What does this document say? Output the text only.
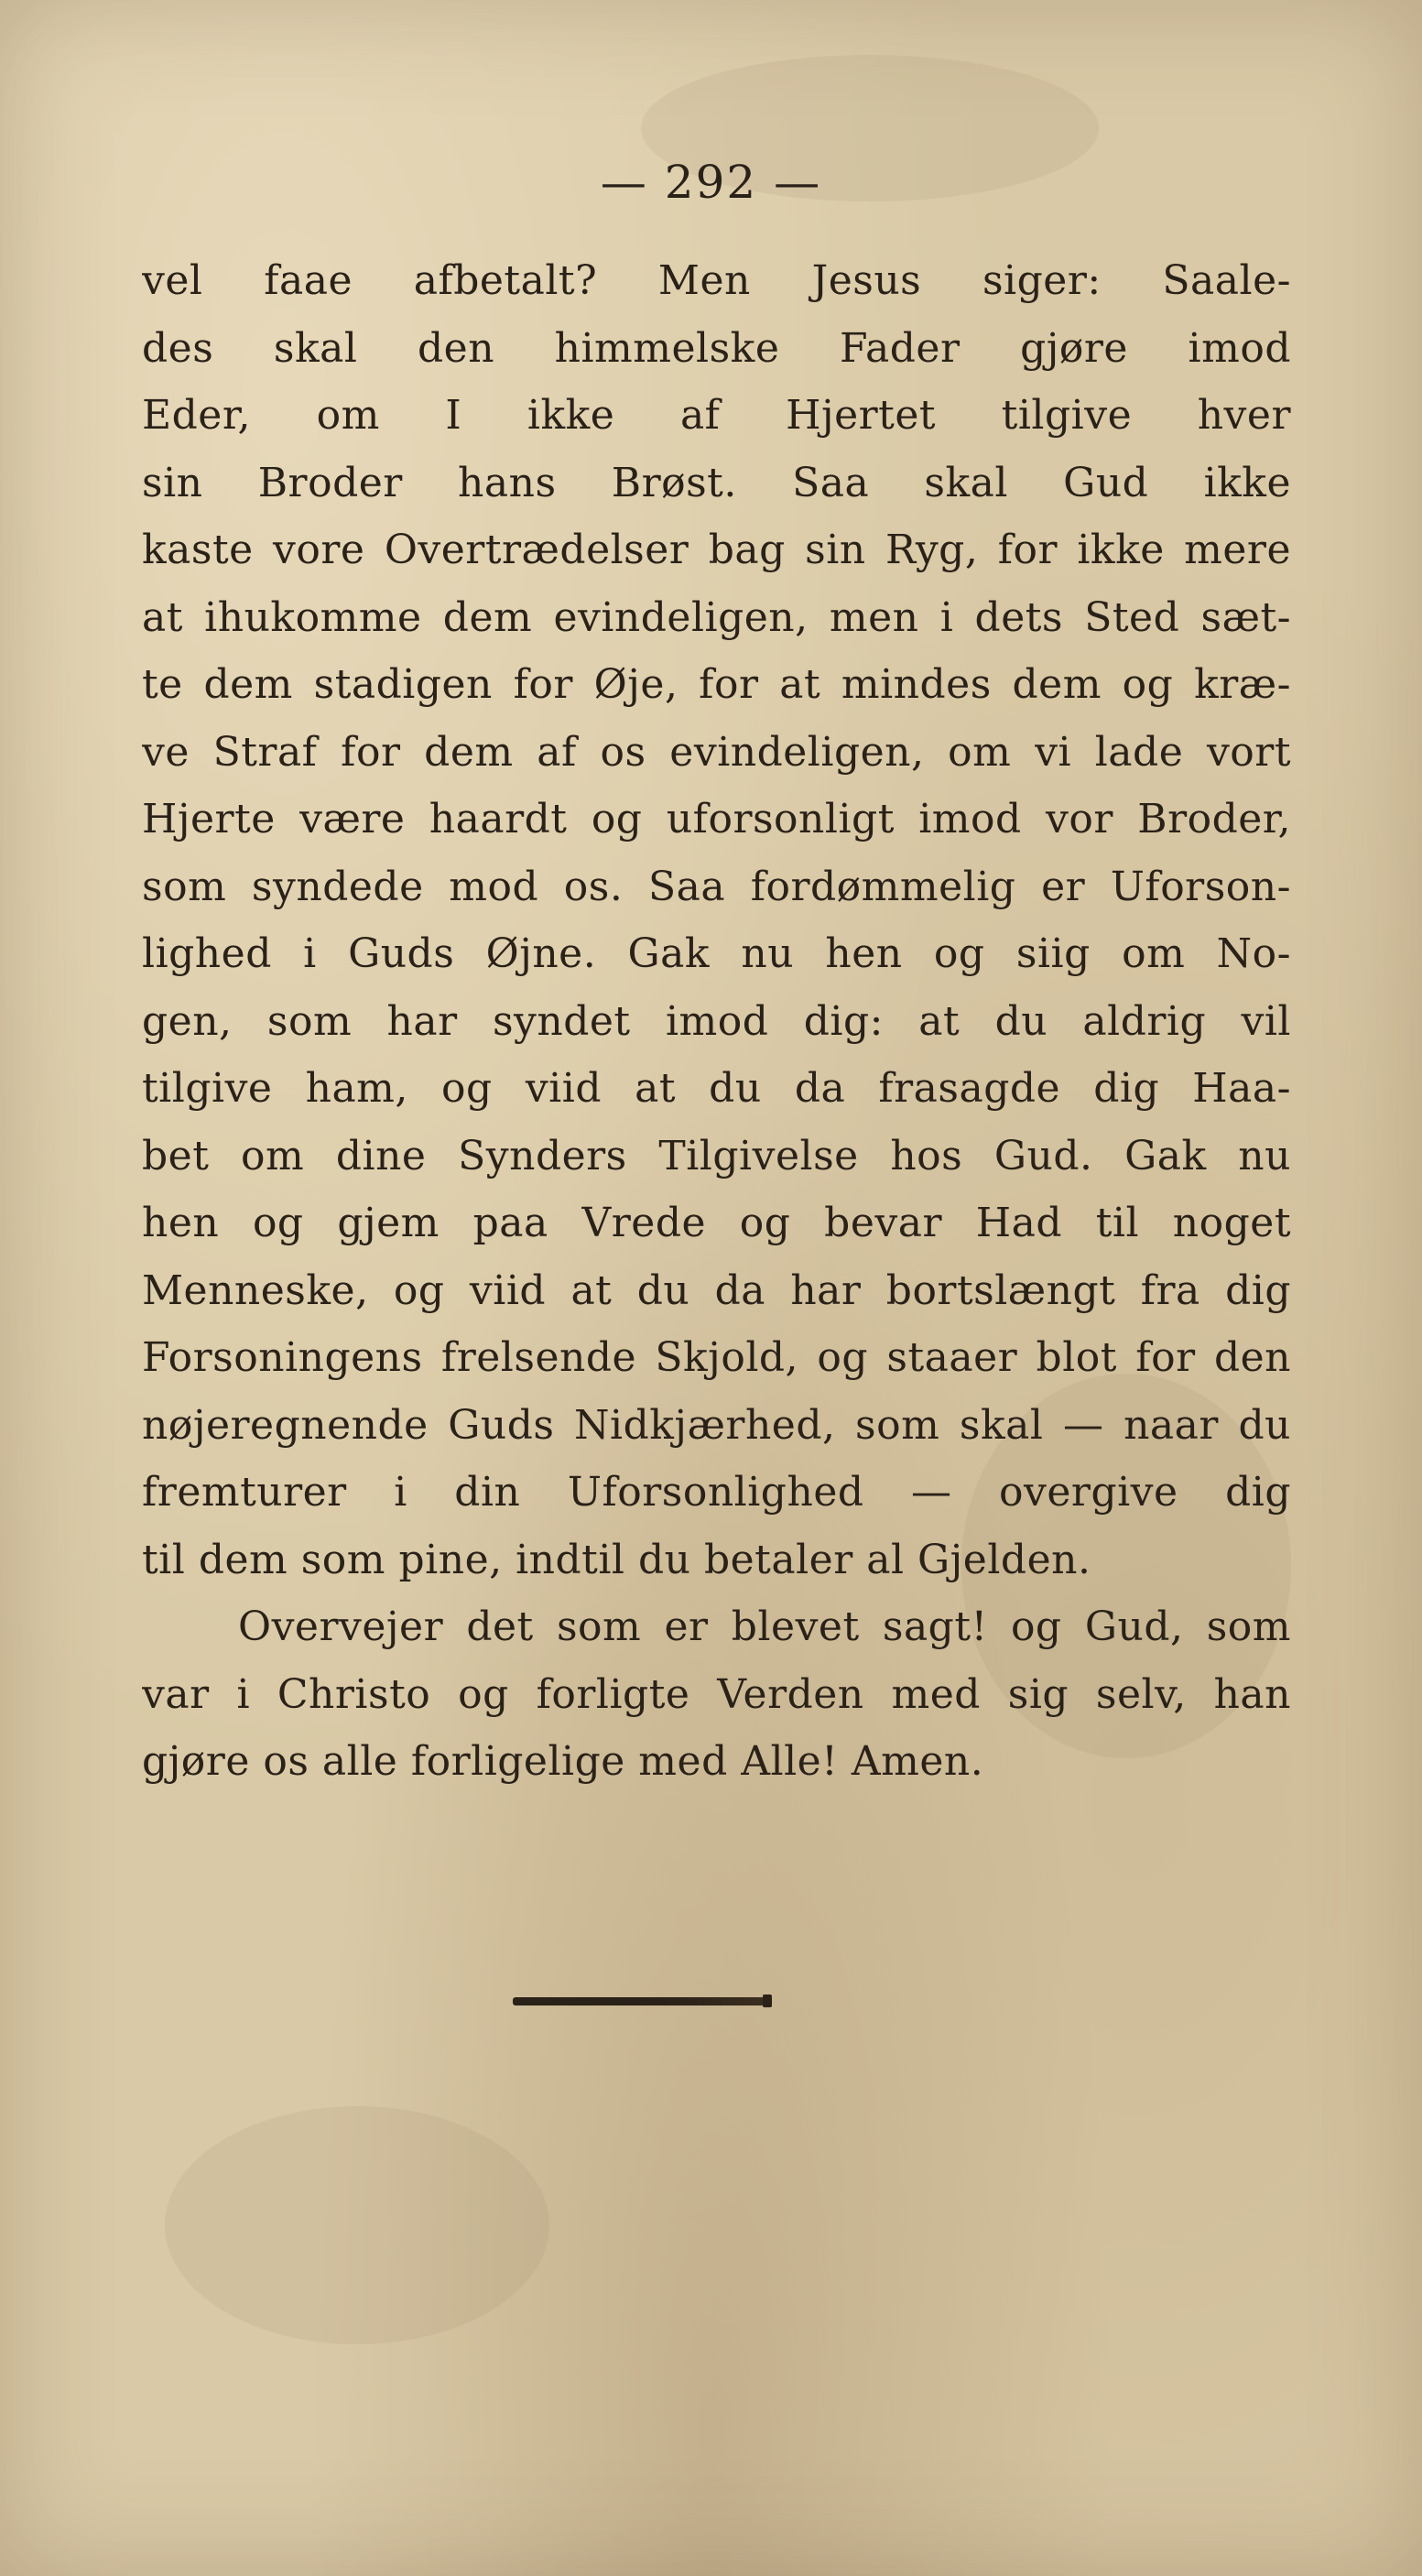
— 292 —
vel faae afbetalt? Men Jesus siger: Saale-
des skal den himmelske Fader gjøre imod
Eder, om I ikke af Hjertet tilgive hver
sin Broder hans Brøst. Saa skal Gud ikke
kaste vore Overtrædelser bag sin Ryg, for ikke mere
at ihukomme dem evindeligen, men i dets Sted sæt-
te dem stadigen for Øje, for at mindes dem og kræ-
ve Straf for dem af os evindeligen, om vi lade vort
Hjerte være haardt og uforsonligt imod vor Broder,
som syndede mod os. Saa fordømmelig er Uforson-
lighed i Guds Øjne. Gak nu hen og siig om No-
gen, som har syndet imod dig: at du aldrig vil
tilgive ham, og viid at du da frasagde dig Haa-
bet om dine Synders Tilgivelse hos Gud. Gak nu
hen og gjem paa Vrede og bevar Had til noget
Menneske, og viid at du da har bortslængt fra dig
Forsoningens frelsende Skjold, og staaer blot for den
nøjeregnende Guds Nidkjærhed, som skal — naar du
fremturer i din Uforsonlighed — overgive dig
til dem som pine, indtil du betaler al Gjelden.
Overvejer det som er blevet sagt! og Gud, som
var i Christo og forligte Verden med sig selv, han
gjøre os alle forligelige med Alle! Amen.
